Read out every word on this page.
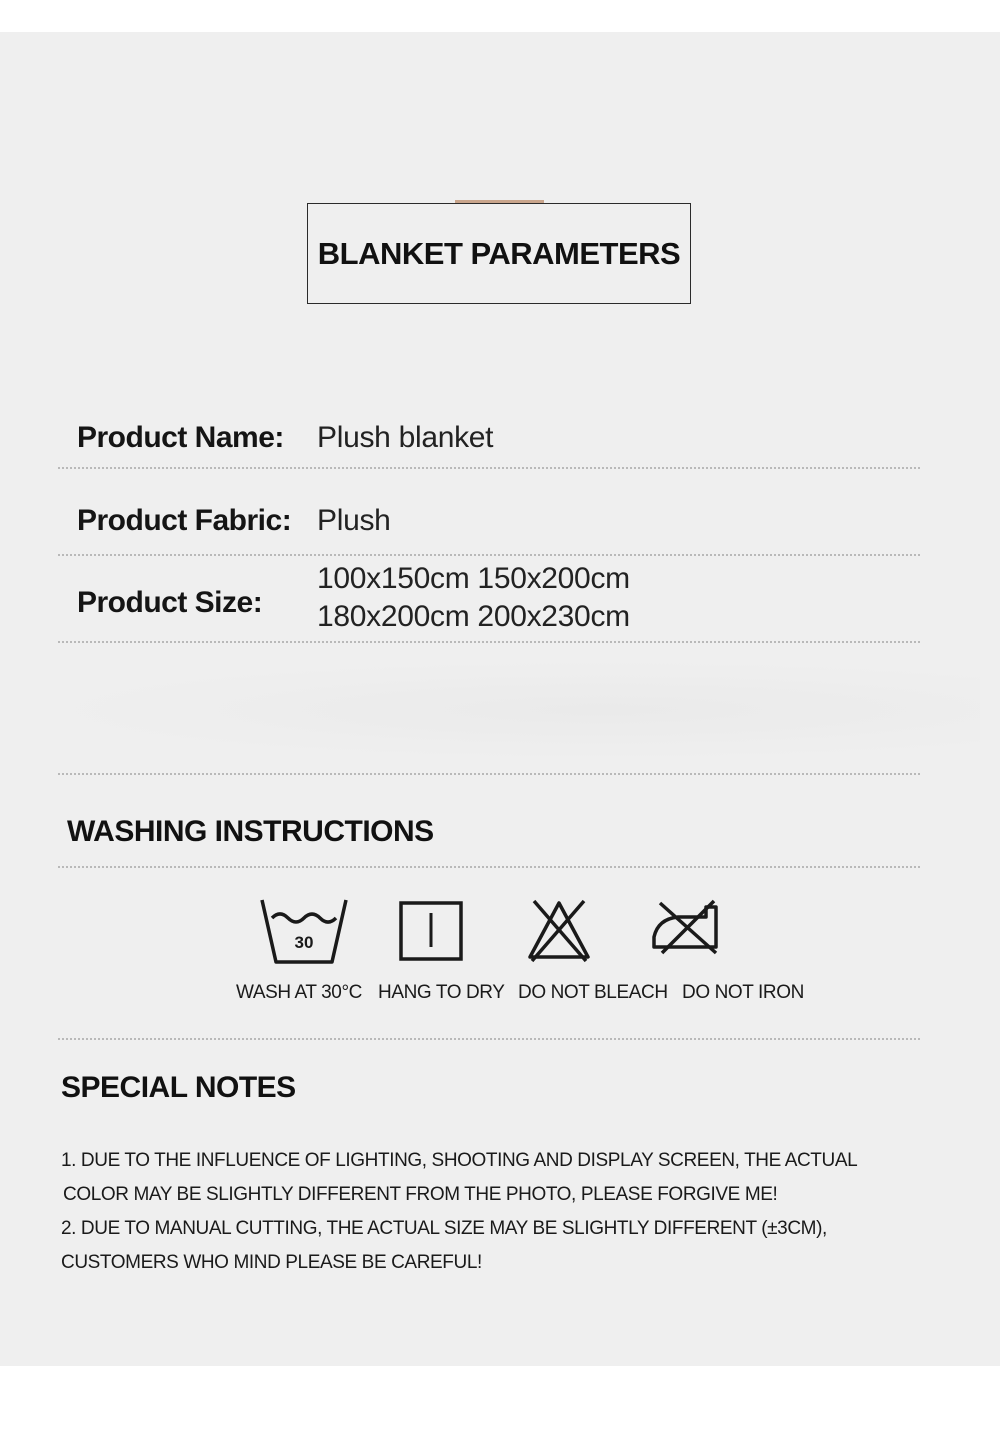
BLANKET PARAMETERS
Product Name: Plush blanket
Product Fabric: Plush
Product Size:
100x150cm 150x200cm
180x200cm 200x230cm
WASHING INSTRUCTIONS
30
WASH AT 30°C HANG TO DRY DO NOT BLEACH DO NOT IRON
SPECIAL NOTES
1. DUE TO THE INFLUENCE OF LIGHTING, SHOOTING AND DISPLAY SCREEN, THE ACTUAL
COLOR MAY BE SLIGHTLY DIFFERENT FROM THE PHOTO, PLEASE FORGIVE ME!
2. DUE TO MANUAL CUTTING, THE ACTUAL SIZE MAY BE SLIGHTLY DIFFERENT (±3CM),
CUSTOMERS WHO MIND PLEASE BE CAREFUL!
